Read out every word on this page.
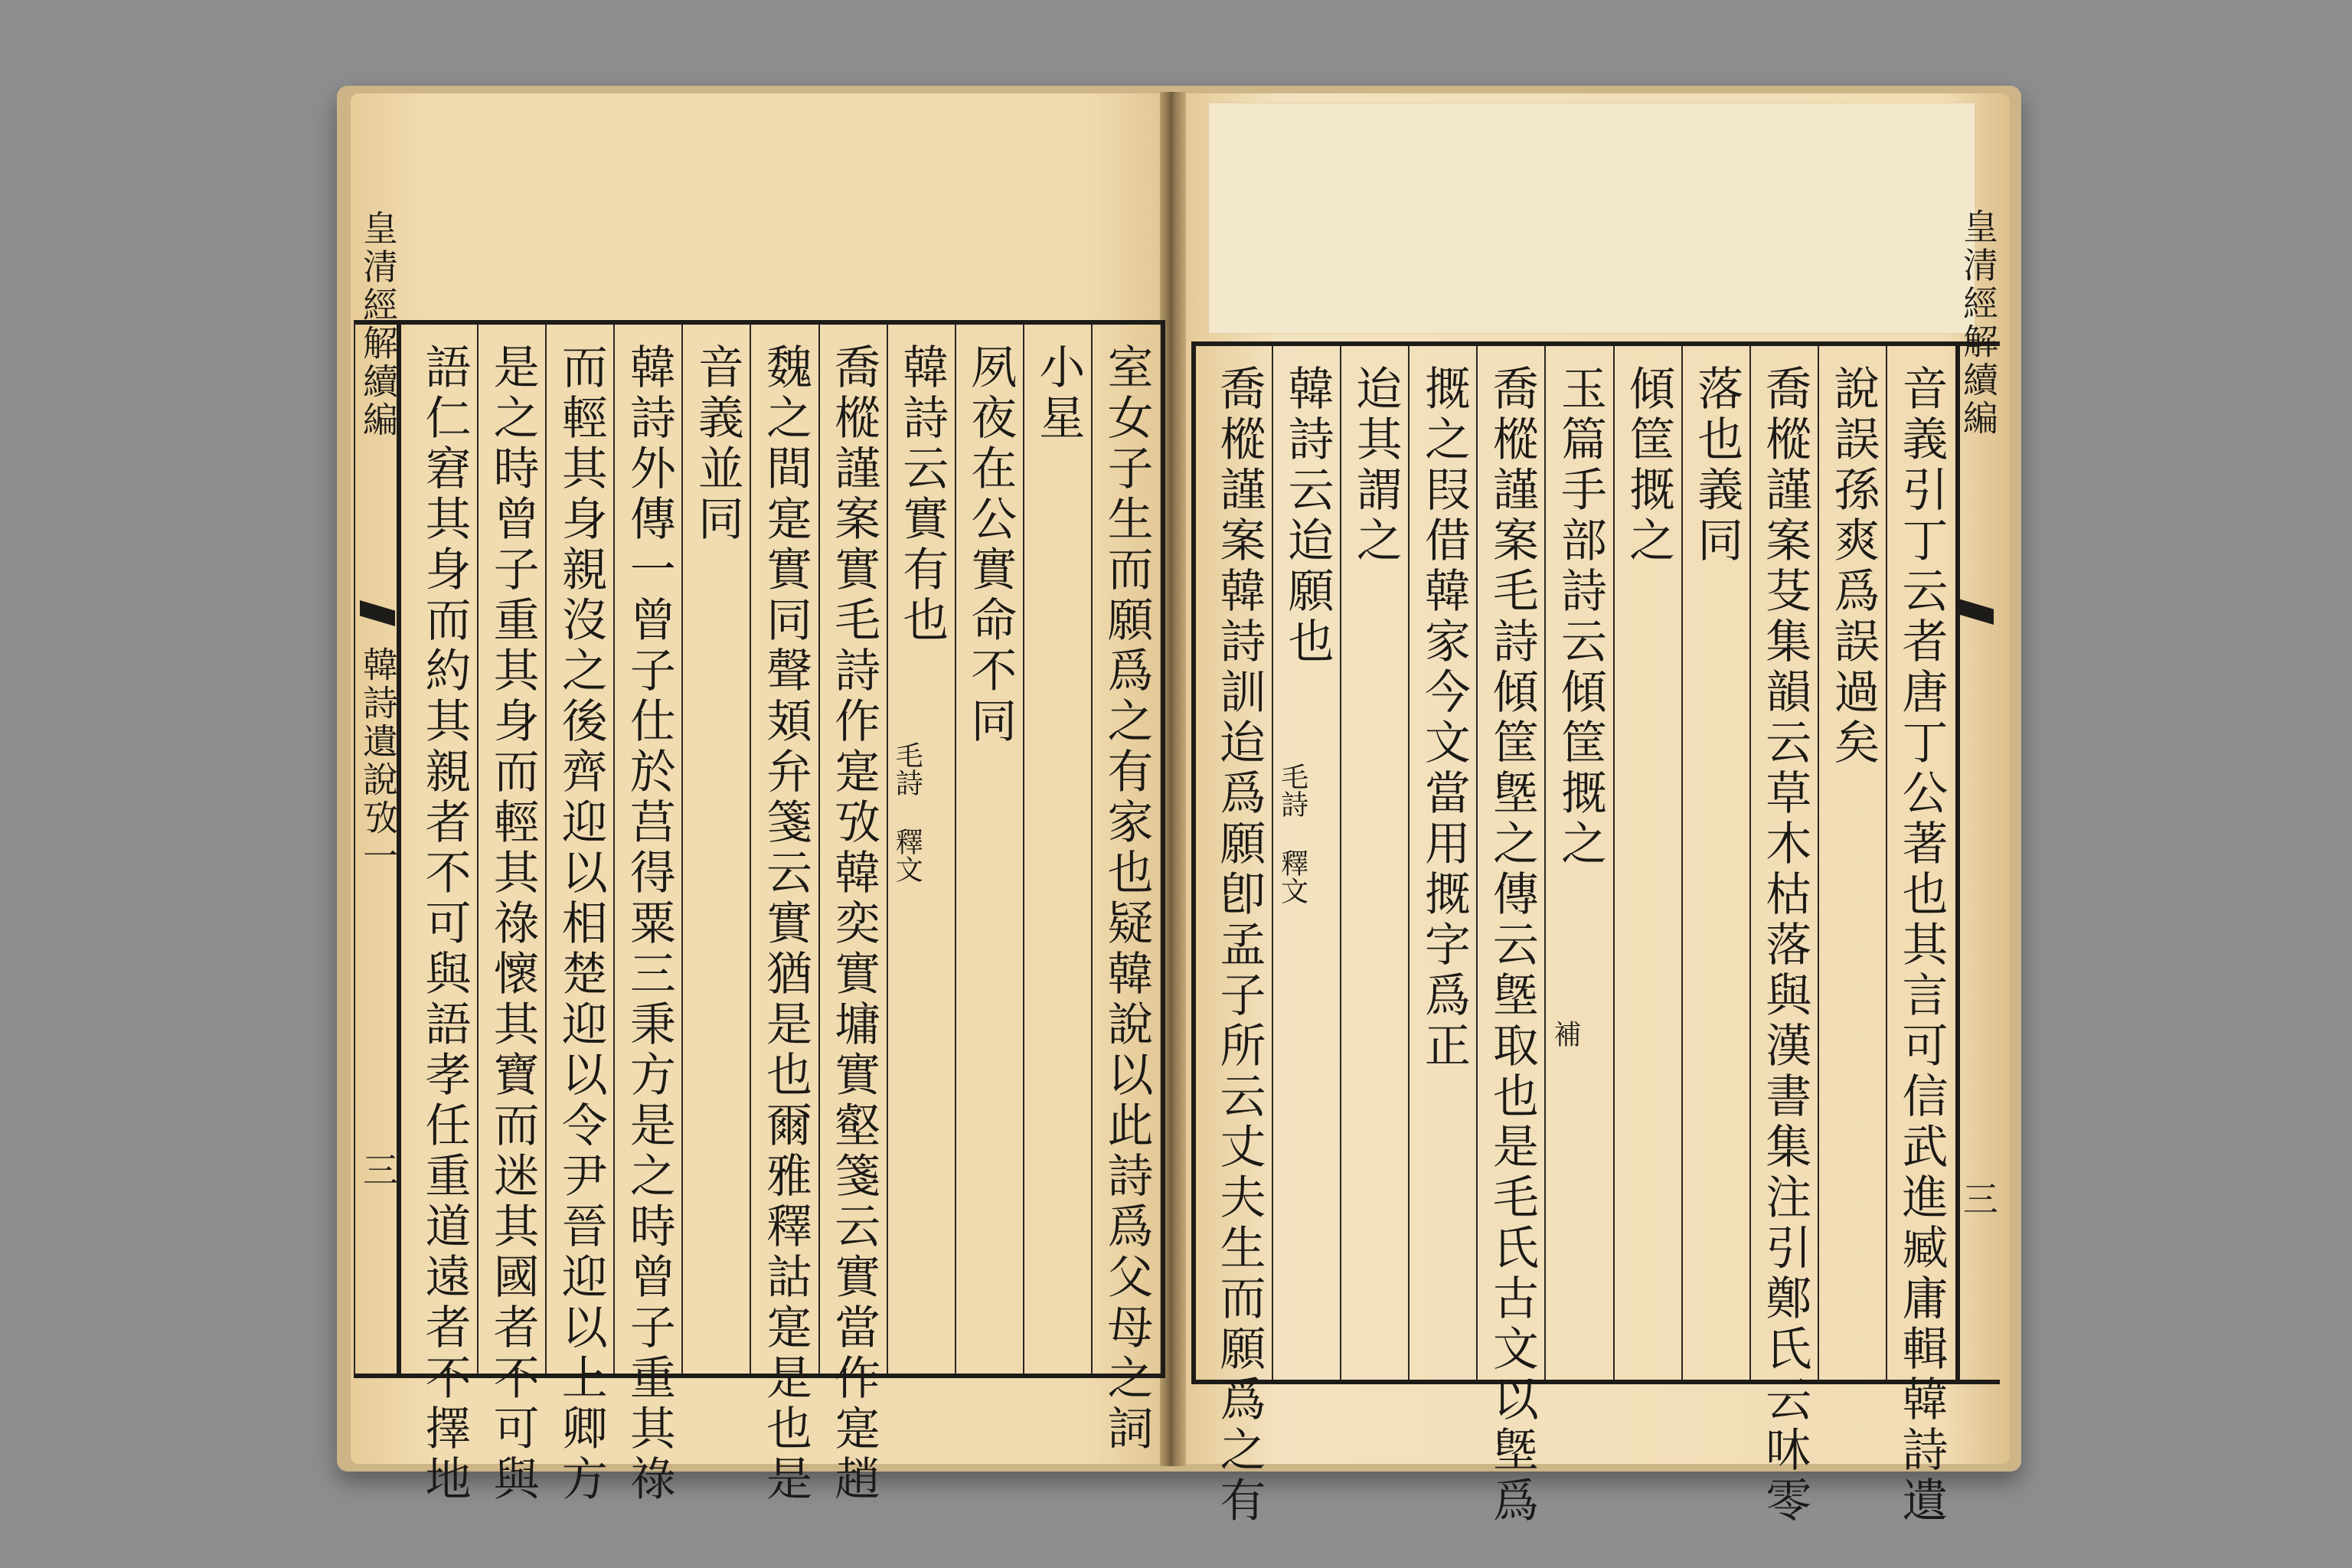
皇清經解續編
韓詩遺說攷一
三	室女子生而願爲之有家也疑韓說以此詩爲父母之詞
小星
夙夜在公實命不同
韓詩云實有也
毛詩 釋文
喬樅謹案實毛詩作寔攷韓奕實墉實壑箋云實當作寔趙
魏之間寔實同聲頍弁箋云實猶是也爾雅釋詁寔是也是
音義並同
韓詩外傳一曾子仕於莒得粟三秉方是之時曾子重其祿
而輕其身親沒之後齊迎以相楚迎以令尹晉迎以上卿方
是之時曾子重其身而輕其祿懷其寶而迷其國者不可與
語仁窘其身而約其親者不可與語孝任重道遠者不擇地	音義引丁云者唐丁公著也其言可信武進臧庸輯韓詩遺
說誤孫爽爲誤過矣
喬樅謹案芟集韻云草木枯落與漢書集注引鄭氏云㕲零
落也義同
傾筐摡之
玉篇手部詩云傾筐摡之
補
喬樅謹案毛詩傾筐墍之傳云墍取也是毛氏古文以墍爲
摡之叚借韓家今文當用摡字爲正
迨其謂之
韓詩云迨願也
毛詩 釋文
喬樅謹案韓詩訓迨爲願卽孟子所云丈夫生而願爲之有
皇清經解續編
三
